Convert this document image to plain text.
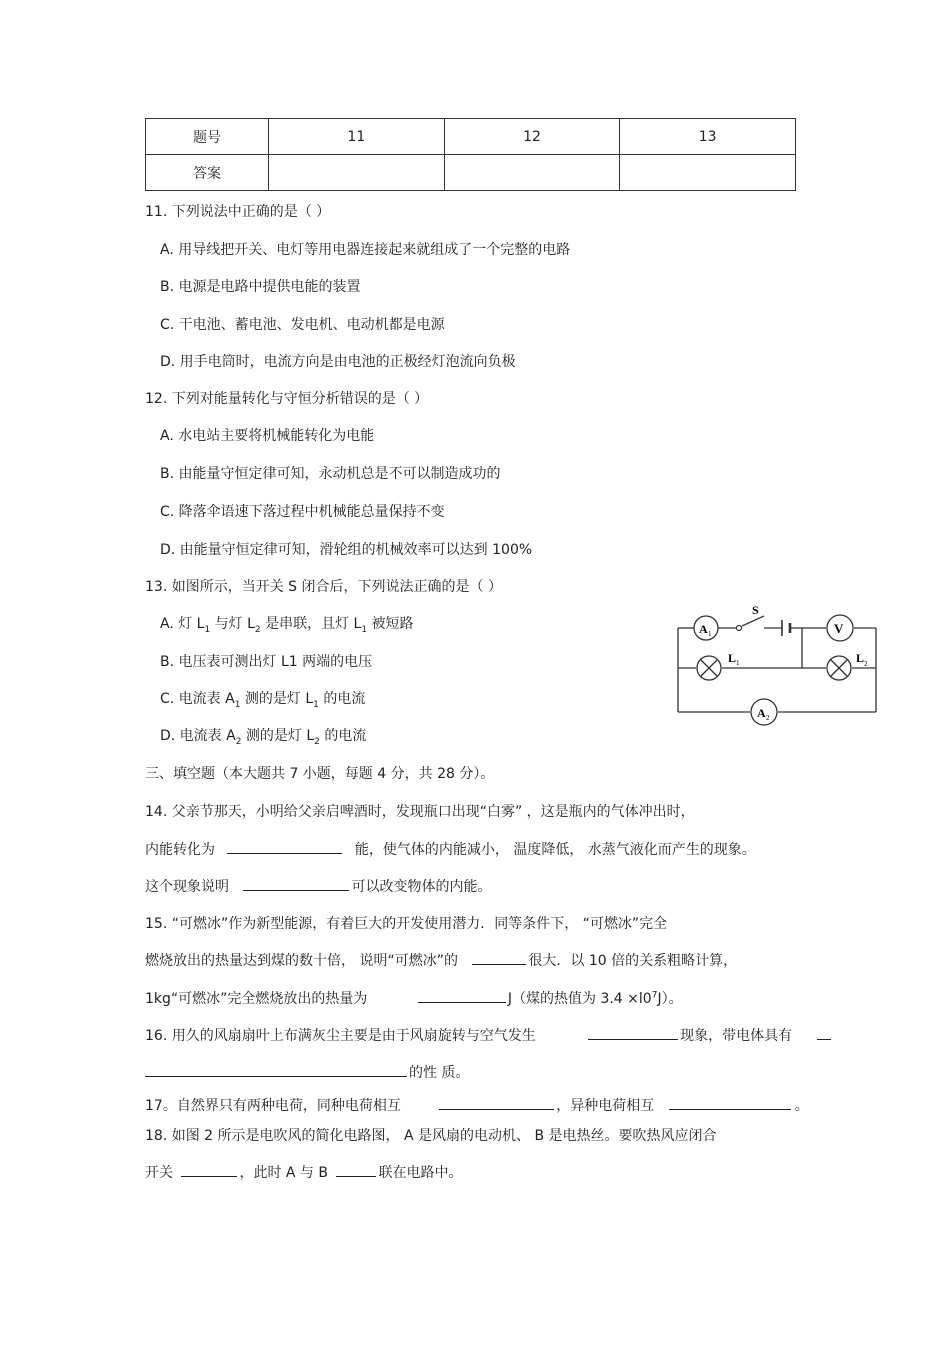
题号	11	12	13
答案			
11. 下列说法中正确的是（ ）
A. 用导线把开关、电灯等用电器连接起来就组成了一个完整的电路
B. 电源是电路中提供电能的装置
C. 干电池、蓄电池、发电机、电动机都是电源
D. 用手电筒时，电流方向是由电池的正极经灯泡流向负极
12. 下列对能量转化与守恒分析错误的是（ ）
A. 水电站主要将机械能转化为电能
B. 由能量守恒定律可知，永动机总是不可以制造成功的
C. 降落伞语速下落过程中机械能总量保持不变
D. 由能量守恒定律可知，滑轮组的机械效率可以达到 100%
13. 如图所示，当开关 S 闭合后，下列说法正确的是（ ）
A. 灯 $L_1$ 与灯 $L_2$ 是串联，且灯 $L_1$ 被短路
B. 电压表可测出灯 L1 两端的电压
C. 电流表 $A_1$ 测的是灯 $L_1$ 的电流
D. 电流表 $A_2$ 测的是灯 $L_2$ 的电流
S
A 1	V
L 1	L 2
A 2
三、填空题（本大题共 7 小题，每题 4 分，共 28 分）。
14. 父亲节那天，小明给父亲启啤酒时，发现瓶口出现“白雾” ，这是瓶内的气体冲出时，
内能转化为	能，使气体的内能减小， 温度降低， 水蒸气液化而产生的现象。
这个现象说明	可以改变物体的内能。
15. “可燃冰”作为新型能源，有着巨大的开发使用潜力．同等条件下， “可燃冰”完全
燃烧放出的热量达到煤的数十倍， 说明“可燃冰”的	很大．以 10 倍的关系粗略计算，
1kg“可燃冰”完全燃烧放出的热量为	J（煤的热值为 $3.4 \times l0^7J$）。
16. 用久的风扇扇叶上布满灰尘主要是由于风扇旋转与空气发生	现象，带电体具有
的性 质。
17。自然界只有两种电荷，同种电荷相互	，异种电荷相互	。
18. 如图 2 所示是电吹风的简化电路图， A 是风扇的电动机、 B 是电热丝。要吹热风应闭合
开关	，此时 A 与 B	联在电路中。
